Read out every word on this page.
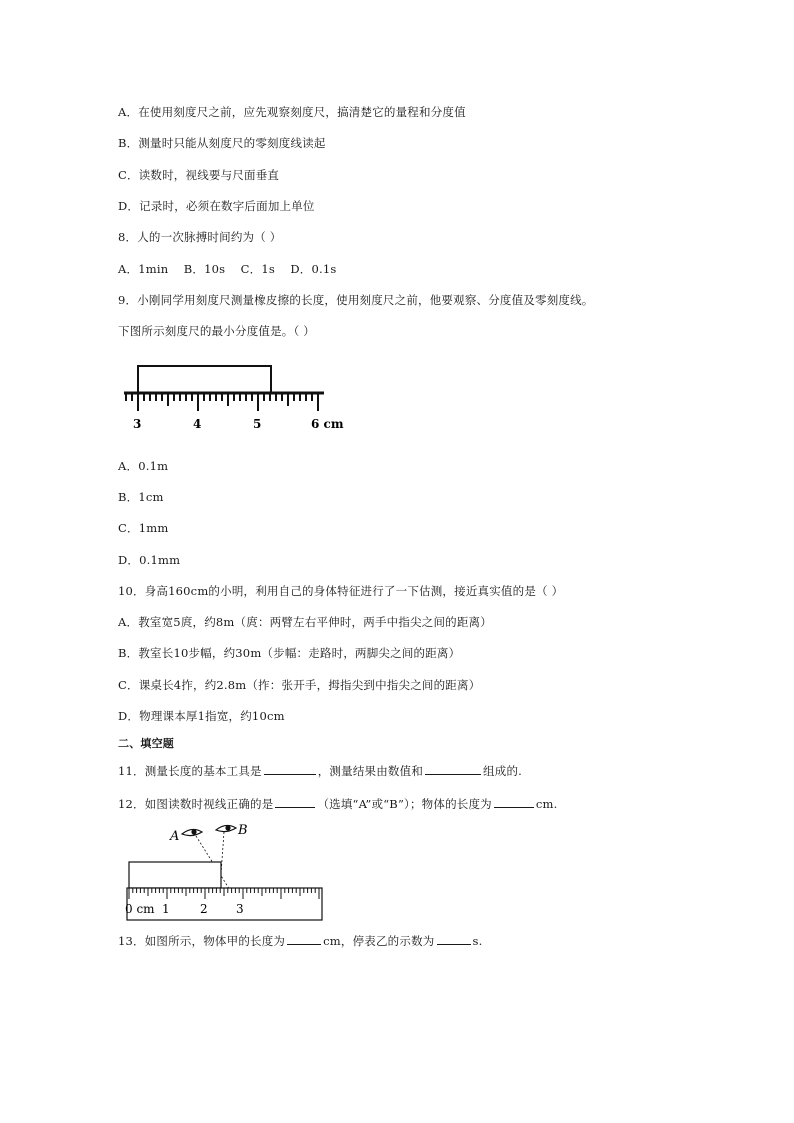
A．在使用刻度尺之前，应先观察刻度尺，搞清楚它的量程和分度值
B．测量时只能从刻度尺的零刻度线读起
C．读数时，视线要与尺面垂直
D．记录时，必须在数字后面加上单位
8．人的一次脉搏时间约为（ ）
A．1min    B．10s    C．1s    D．0.1s
9．小刚同学用刻度尺测量橡皮擦的长度，使用刻度尺之前，他要观察、分度值及零刻度线。
下图所示刻度尺的最小分度值是。（ ）
3	4	5	6 cm
A．0.1m
B．1cm
C．1mm
D．0.1mm
10．身高160cm的小明，利用自己的身体特征进行了一下估测，接近真实值的是（ ）
A．教室宽5庹，约8m（庹：两臂左右平伸时，两手中指尖之间的距离）
B．教室长10步幅，约30m（步幅：走路时，两脚尖之间的距离）
C．课桌长4拃，约2.8m（拃：张开手，拇指尖到中指尖之间的距离）
D．物理课本厚1指宽，约10cm
二、填空题
11．测量长度的基本工具是	，测量结果由数值和	组成的.
12．如图读数时视线正确的是	（选填“A”或“B”）；物体的长度为	cm.
A	B
0 cm 1	2 3
13．如图所示，物体甲的长度为	cm，停表乙的示数为	s.
